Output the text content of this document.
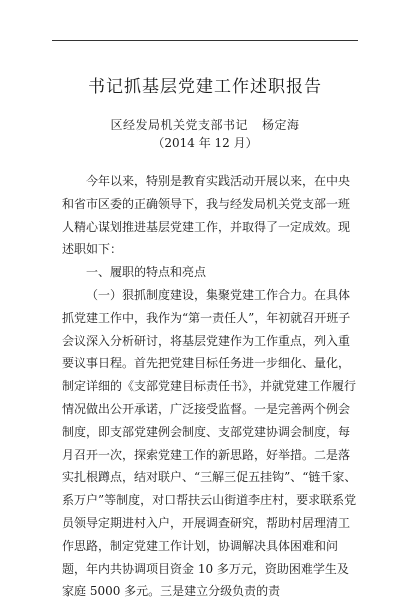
书记抓基层党建工作述职报告
区经发局机关党支部书记 杨定海
（2014 年 12 月）

今年以来，特别是教育实践活动开展以来，在中央和省市区委的正确领导下，我与经发局机关党支部一班人精心谋划推进基层党建工作，并取得了一定成效。现述职如下：

一、履职的特点和亮点

（一）狠抓制度建设，集聚党建工作合力。在具体抓党建工作中，我作为“第一责任人”，年初就召开班子会议深入分析研讨，将基层党建作为工作重点，列入重要议事日程。首先把党建目标任务进一步细化、量化，制定详细的《支部党建目标责任书》，并就党建工作履行情况做出公开承诺，广泛接受监督。一是完善两个例会制度，即支部党建例会制度、支部党建协调会制度，每月召开一次，探索党建工作的新思路，好举措。二是落实扎根蹲点，结对联户、“三解三促五挂钩”、“链千家、系万户”等制度，对口帮扶云山街道李庄村，要求联系党员领导定期进村入户，开展调查研究，帮助村居理清工作思路，制定党建工作计划，协调解决具体困难和问题，年内共协调项目资金 10 多万元，资助困难学生及家庭 5000 多元。三是建立分级负责的责
